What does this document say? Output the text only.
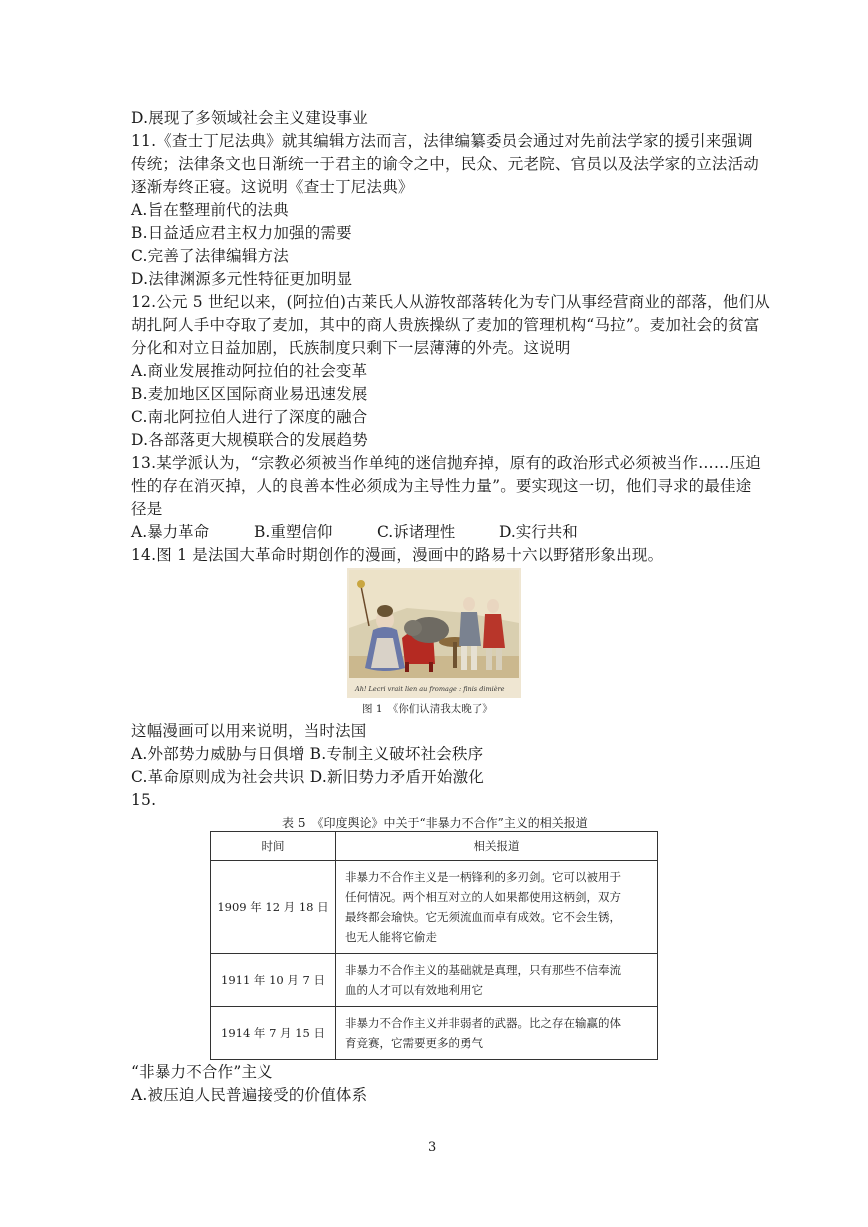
D.展现了多领域社会主义建设事业
11.《查士丁尼法典》就其编辑方法而言，法律编纂委员会通过对先前法学家的援引来强调
传统；法律条文也日渐统一于君主的谕令之中，民众、元老院、官员以及法学家的立法活动
逐渐寿终正寝。这说明《查士丁尼法典》
A.旨在整理前代的法典
B.日益适应君主权力加强的需要
C.完善了法律编辑方法
D.法律渊源多元性特征更加明显
12.公元 5 世纪以来，(阿拉伯)古莱氏人从游牧部落转化为专门从事经营商业的部落，他们从
胡扎阿人手中夺取了麦加，其中的商人贵族操纵了麦加的管理机构“马拉”。麦加社会的贫富
分化和对立日益加剧，氏族制度只剩下一层薄薄的外壳。这说明
A.商业发展推动阿拉伯的社会变革
B.麦加地区区国际商业易迅速发展
C.南北阿拉伯人进行了深度的融合
D.各部落更大规模联合的发展趋势
13.某学派认为，“宗教必须被当作单纯的迷信抛弃掉，原有的政治形式必须被当作……压迫
性的存在消灭掉，人的良善本性必须成为主导性力量”。要实现这一切，他们寻求的最佳途
径是
A.暴力革命	B.重塑信仰	C.诉诸理性	D.实行共和
14.图 1 是法国大革命时期创作的漫画，漫画中的路易十六以野猪形象出现。
Ah! Lecri vrait lien au fromage : finis dimière
图 1　《你们认清我太晚了》
这幅漫画可以用来说明，当时法国
A.外部势力威胁与日俱增 B.专制主义破坏社会秩序
C.革命原则成为社会共识 D.新旧势力矛盾开始激化
15.
表 5　《印度舆论》中关于“非暴力不合作”主义的相关报道
时间	相关报道
1909 年 12 月 18 日	非暴力不合作主义是一柄锋利的多刃剑。它可以被用于
任何情况。两个相互对立的人如果都使用这柄剑，双方
最终都会瑜快。它无须流血而卓有成效。它不会生锈，
也无人能将它偷走

1911 年 10 月 7 日	非暴力不合作主义的基础就是真理，只有那些不信奉流
血的人才可以有效地利用它

1914 年 7 月 15 日	非暴力不合作主义并非弱者的武器。比之存在输赢的体
育竞赛，它需要更多的勇气
“非暴力不合作”主义
A.被压迫人民普遍接受的价值体系
3
